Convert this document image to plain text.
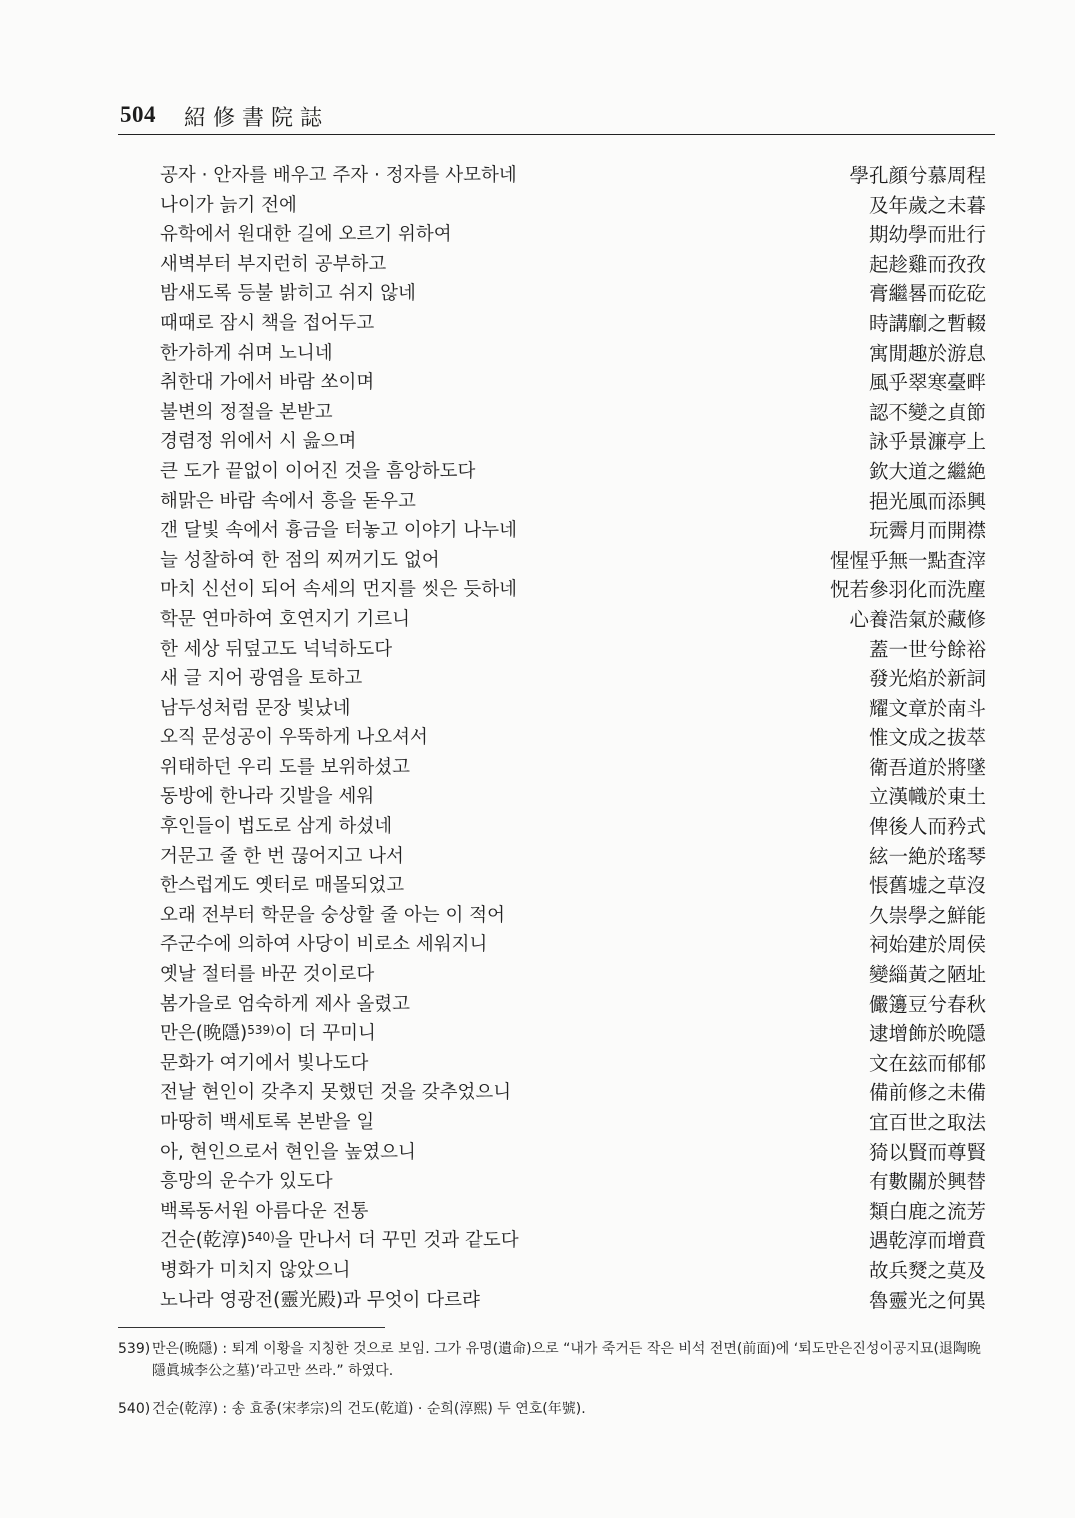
504 紹修書院誌
공자 · 안자를 배우고 주자 · 정자를 사모하네	學孔顔兮慕周程
나이가 늙기 전에	及年歲之未暮
유학에서 원대한 길에 오르기 위하여	期幼學而壯行
새벽부터 부지런히 공부하고	起趁雞而孜孜
밤새도록 등불 밝히고 쉬지 않네	膏繼晷而矻矻
때때로 잠시 책을 접어두고	時講劘之暫輟
한가하게 쉬며 노니네	寓閒趣於游息
취한대 가에서 바람 쏘이며	風乎翠寒臺畔
불변의 정절을 본받고	認不變之貞節
경렴정 위에서 시 읊으며	詠乎景濂亭上
큰 도가 끝없이 이어진 것을 흠앙하도다	欽大道之繼絶
해맑은 바람 속에서 흥을 돋우고	挹光風而添興
갠 달빛 속에서 흉금을 터놓고 이야기 나누네	玩霽月而開襟
늘 성찰하여 한 점의 찌꺼기도 없어	惺惺乎無一點査滓
마치 신선이 되어 속세의 먼지를 씻은 듯하네	怳若參羽化而洗塵
학문 연마하여 호연지기 기르니	心養浩氣於藏修
한 세상 뒤덮고도 넉넉하도다	蓋一世兮餘裕
새 글 지어 광염을 토하고	發光焰於新詞
남두성처럼 문장 빛났네	耀文章於南斗
오직 문성공이 우뚝하게 나오셔서	惟文成之拔萃
위태하던 우리 도를 보위하셨고	衛吾道於將墜
동방에 한나라 깃발을 세워	立漢幟於東土
후인들이 법도로 삼게 하셨네	俾後人而矜式
거문고 줄 한 번 끊어지고 나서	絃一絶於瑤琴
한스럽게도 옛터로 매몰되었고	悵舊墟之草沒
오래 전부터 학문을 숭상할 줄 아는 이 적어	久崇學之鮮能
주군수에 의하여 사당이 비로소 세워지니	祠始建於周侯
옛날 절터를 바꾼 것이로다	變緇黃之陋址
봄가을로 엄숙하게 제사 올렸고	儼籩豆兮春秋
만은(晩隱)$^{539)}$이 더 꾸미니	逮增飾於晩隱
문화가 여기에서 빛나도다	文在玆而郁郁
전날 현인이 갖추지 못했던 것을 갖추었으니	備前修之未備
마땅히 백세토록 본받을 일	宜百世之取法
아, 현인으로서 현인을 높였으니	猗以賢而尊賢
흥망의 운수가 있도다	有數關於興替
백록동서원 아름다운 전통	類白鹿之流芳
건순(乾淳)$^{540)}$을 만나서 더 꾸민 것과 같도다	遇乾淳而增賁
병화가 미치지 않았으니	故兵燹之莫及
노나라 영광전(靈光殿)과 무엇이 다르랴	魯靈光之何異
539) 만은(晩隱) : 퇴계 이황을 지칭한 것으로 보임. 그가 유명(遺命)으로 “내가 죽거든 작은 비석 전면(前面)에 ‘퇴도만은진성이공지묘(退陶晩隱眞城李公之墓)’라고만 쓰라.” 하였다.
540) 건순(乾淳) : 송 효종(宋孝宗)의 건도(乾道) · 순희(淳熙) 두 연호(年號).
